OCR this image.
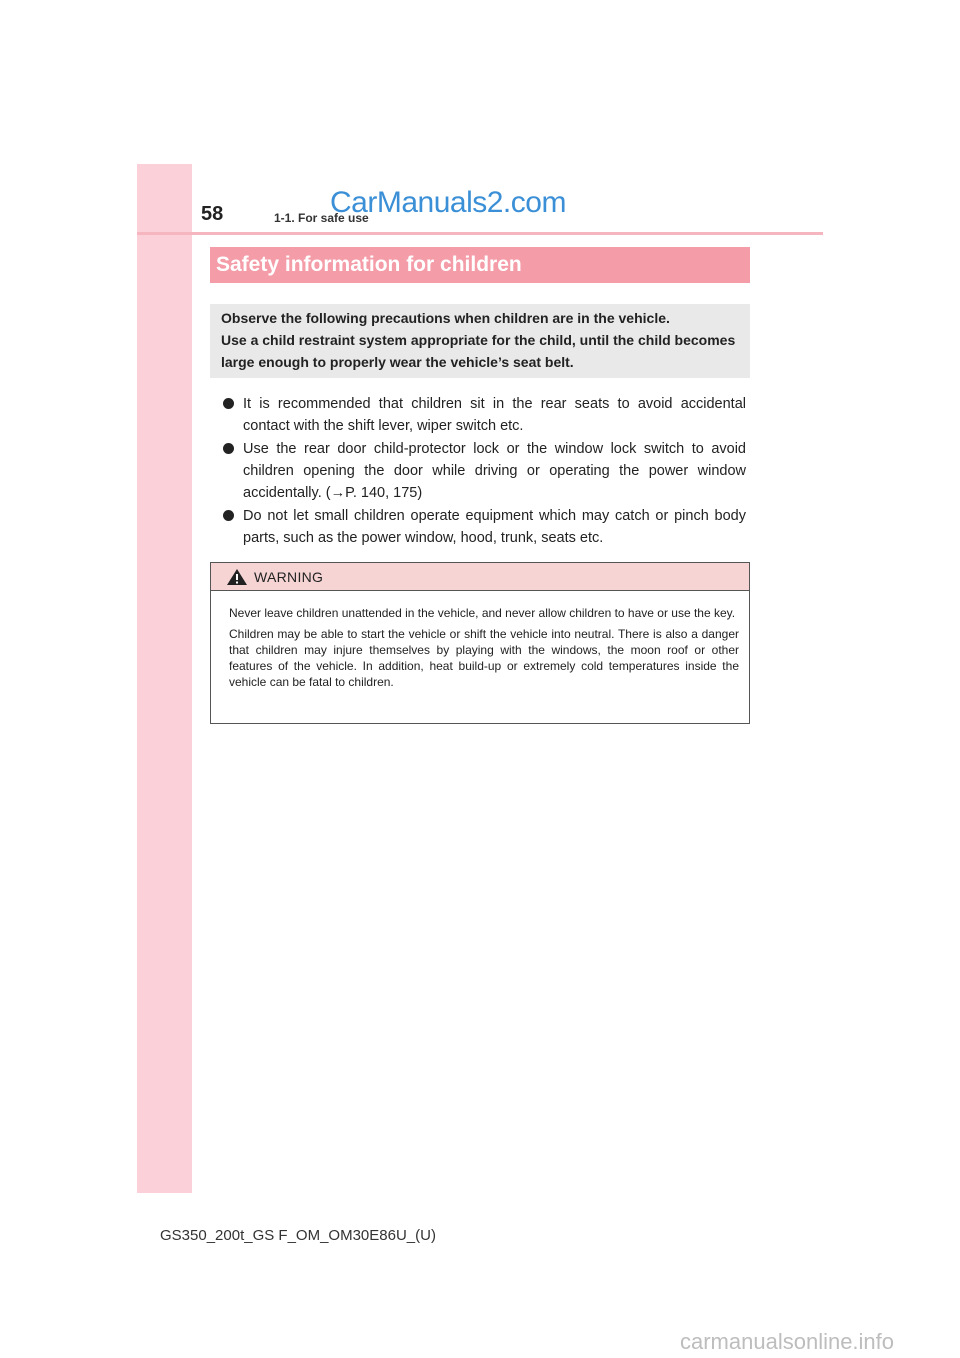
58	1-1. For safe use
CarManuals2.com
Safety information for children
Observe the following precautions when children are in the vehicle.
Use a child restraint system appropriate for the child, until the child becomes
large enough to properly wear the vehicle’s seat belt.
It is recommended that children sit in the rear seats to avoid accidental contact with the shift lever, wiper switch etc.
Use the rear door child-protector lock or the window lock switch to avoid children opening the door while driving or operating the power window accidentally. (→P. 140, 175)
Do not let small children operate equipment which may catch or pinch body parts, such as the power window, hood, trunk, seats etc.
WARNING

Never leave children unattended in the vehicle, and never allow children to have or use the key.

Children may be able to start the vehicle or shift the vehicle into neutral. There is also a danger that children may injure themselves by playing with the windows, the moon roof or other features of the vehicle. In addition, heat build-up or extremely cold temperatures inside the vehicle can be fatal to children.

GS350_200t_GS F_OM_OM30E86U_(U)
carmanualsonline.info
